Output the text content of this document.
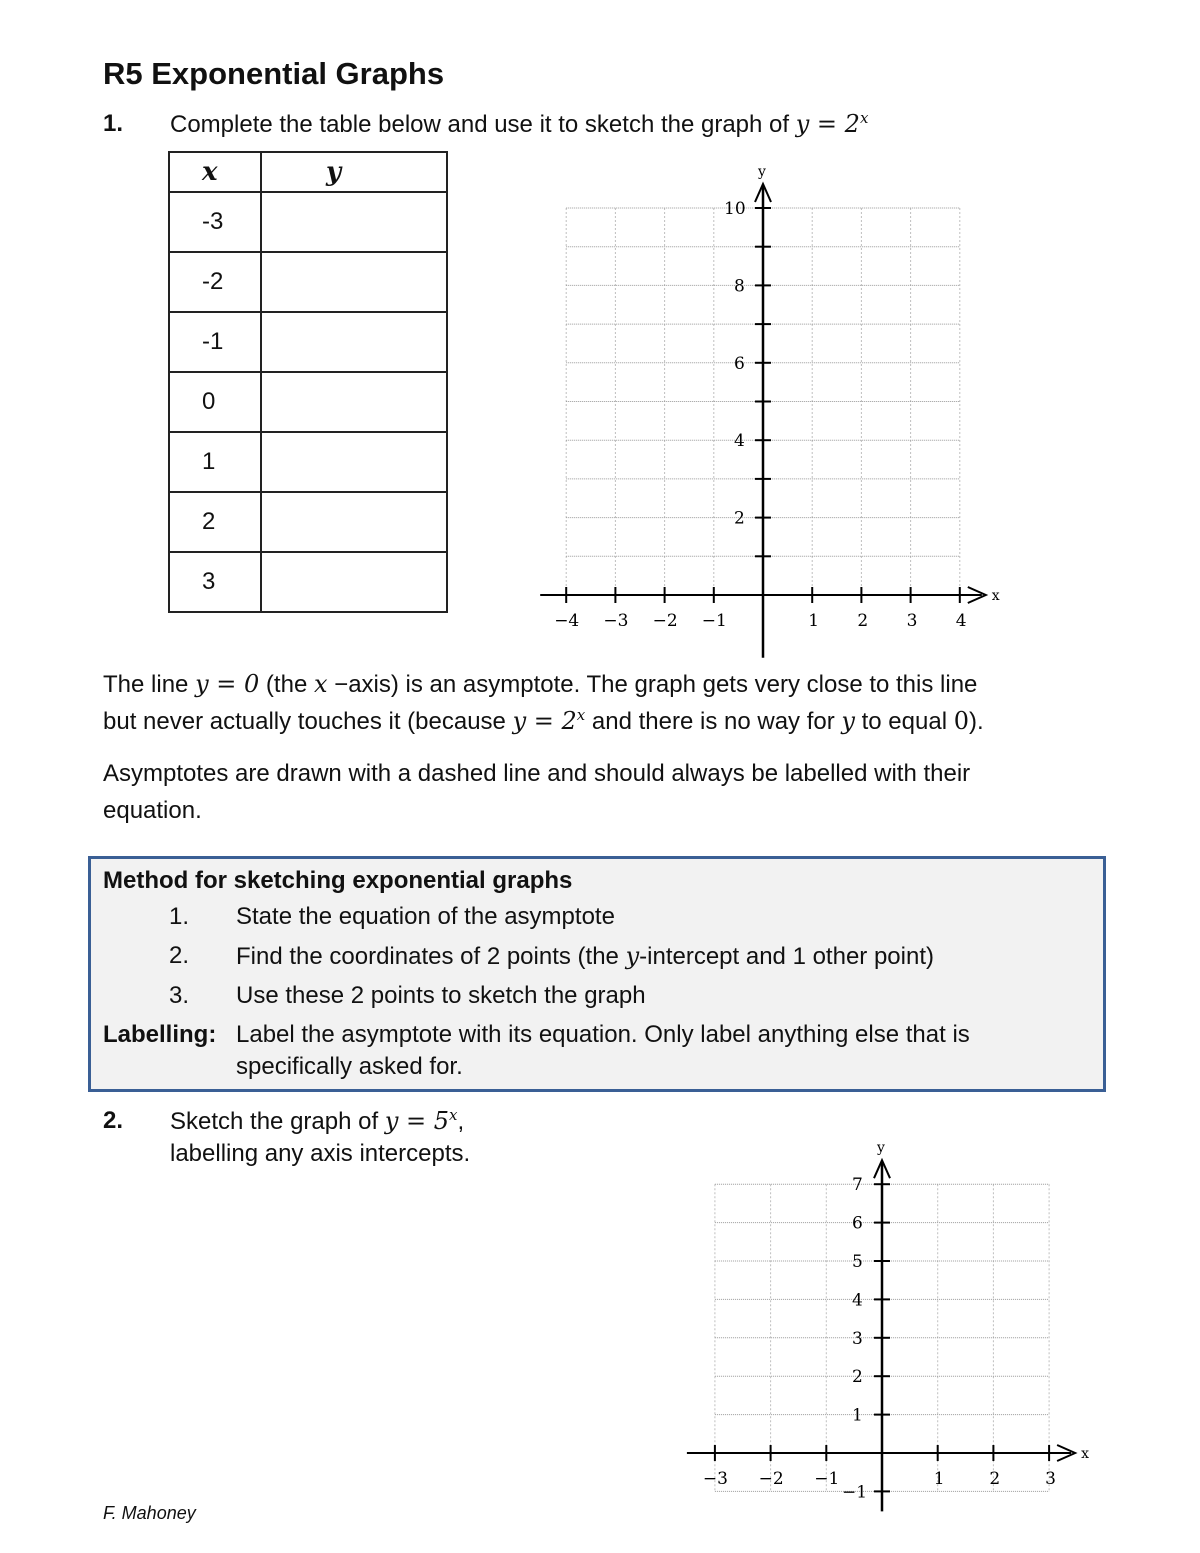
R5 Exponential Graphs
1. Complete the table below and use it to sketch the graph of $y = 2^x$
x	y
-3	
-2	
-1	
0	
1	
2	
3	
x
y
−4 −3 −2 −1	1 2 3 4
2
4
6
8
10
The line y = 0 (the x −axis) is an asymptote. The graph gets very close to this line
but never actually touches it (because $y = 2^x$ and there is no way for y to equal 0).
Asymptotes are drawn with a dashed line and should always be labelled with their
equation.
Method for sketching exponential graphs
1. State the equation of the asymptote
2. Find the coordinates of 2 points (the y-intercept and 1 other point)
3. Use these 2 points to sketch the graph
Labelling: Label the asymptote with its equation. Only label anything else that is
specifically asked for.
2. Sketch the graph of $y = 5^x$,
labelling any axis intercepts.
x
y
−3 −2 −1	1	2	3
−1
1
2
3
4
5
6
7
F. Mahoney
